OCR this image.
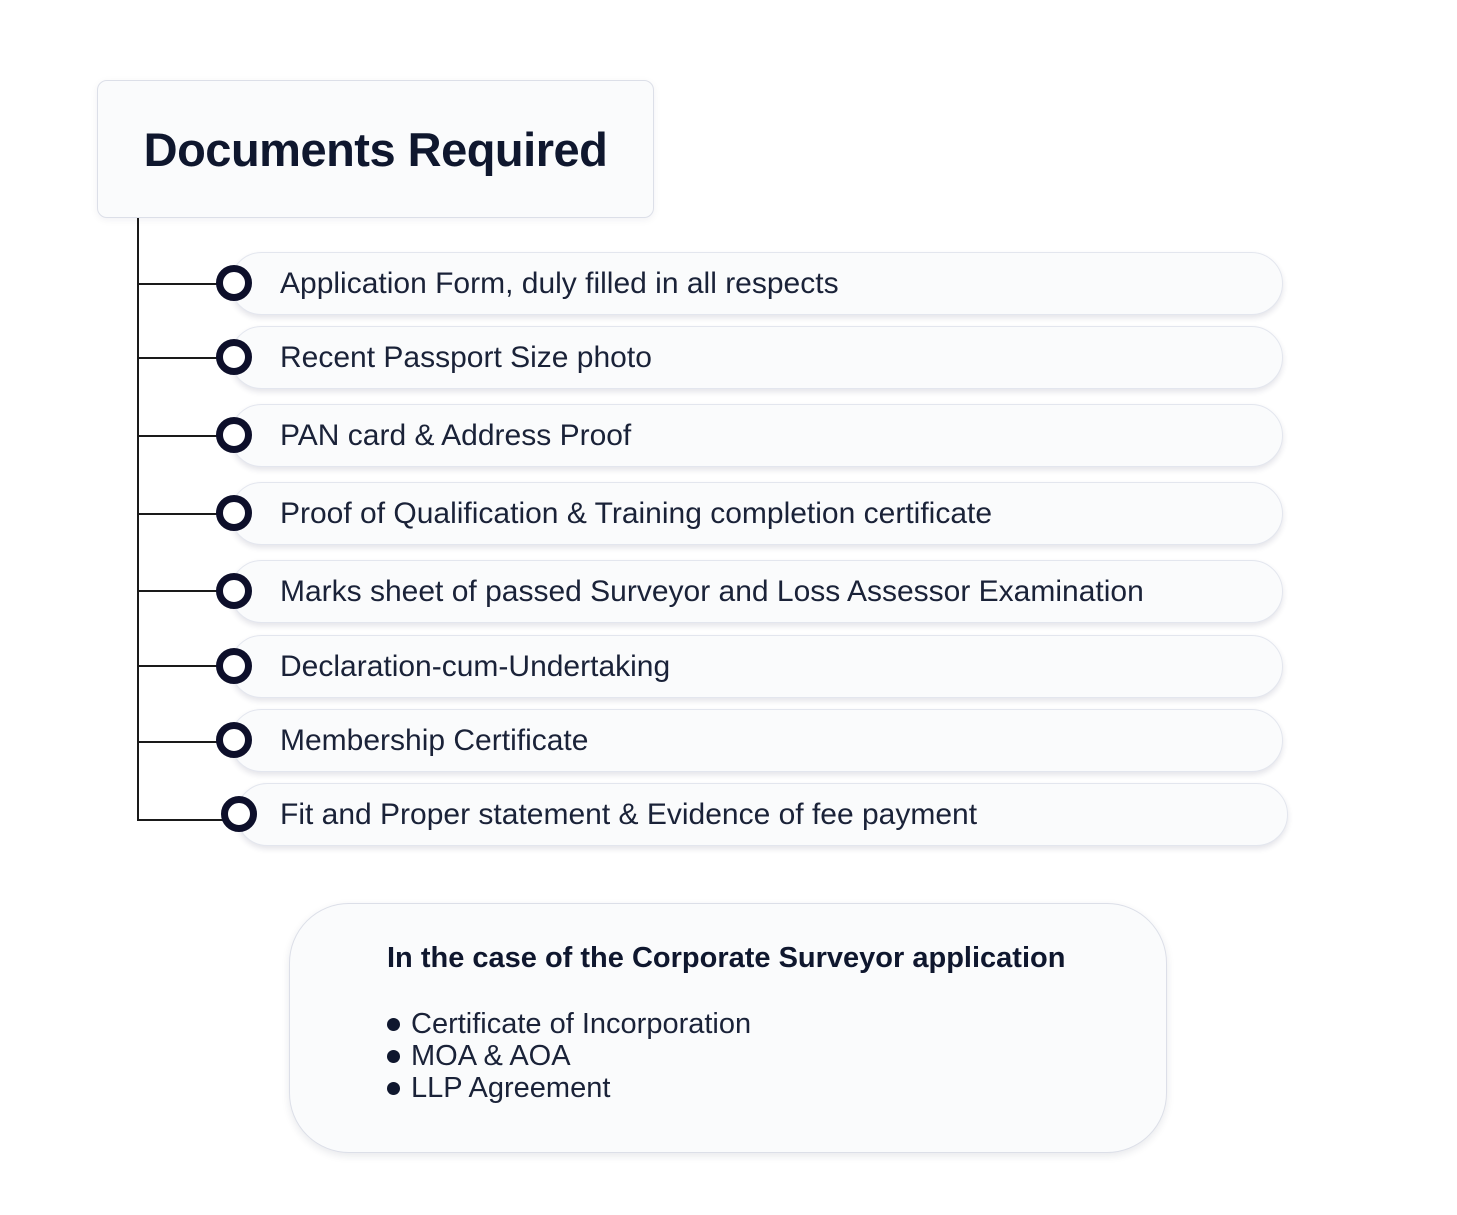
Documents Required
Application Form, duly filled in all respects
Recent Passport Size photo
PAN card & Address Proof
Proof of Qualification & Training completion certificate
Marks sheet of passed Surveyor and Loss Assessor Examination
Declaration-cum-Undertaking
Membership Certificate
Fit and Proper statement & Evidence of fee payment
In the case of the Corporate Surveyor application
Certificate of Incorporation
MOA & AOA
LLP Agreement
